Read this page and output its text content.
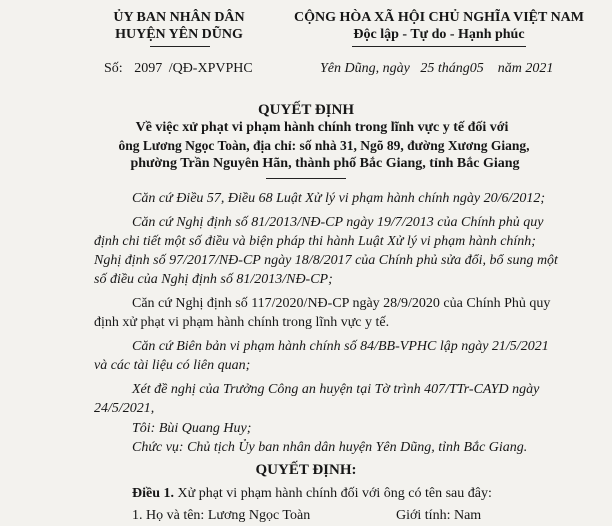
ỦY BAN NHÂN DÂN
HUYỆN YÊN DŨNG
CỘNG HÒA XÃ HỘI CHỦ NGHĨA VIỆT NAM
Độc lập - Tự do - Hạnh phúc
Số: 2097 /QĐ-XPVPHC	Yên Dũng, ngày   25 tháng05    năm 2021
QUYẾT ĐỊNH
Về việc xử phạt vi phạm hành chính trong lĩnh vực y tế đối với
ông Lương Ngọc Toàn, địa chỉ: số nhà 31, Ngõ 89, đường Xương Giang,
phường Trần Nguyên Hãn, thành phố Bắc Giang, tỉnh Bắc Giang
Căn cứ Điều 57, Điều 68 Luật Xử lý vi phạm hành chính ngày 20/6/2012;
Căn cứ Nghị định số 81/2013/NĐ-CP ngày 19/7/2013 của Chính phủ quy
định chi tiết một số điều và biện pháp thi hành Luật Xử lý vi phạm hành chính;
Nghị định số 97/2017/NĐ-CP ngày 18/8/2017 của Chính phủ sửa đổi, bổ sung một
số điều của Nghị định số 81/2013/NĐ-CP;
Căn cứ Nghị định số 117/2020/NĐ-CP ngày 28/9/2020 của Chính Phủ quy
định xử phạt vi phạm hành chính trong lĩnh vực y tế.
Căn cứ Biên bản vi phạm hành chính số 84/BB-VPHC lập ngày 21/5/2021
và các tài liệu có liên quan;
Xét đề nghị của Trưởng Công an huyện tại Tờ trình 407/TTr-CAYD ngày
24/5/2021,
Tôi: Bùi Quang Huy;
Chức vụ: Chủ tịch Ủy ban nhân dân huyện Yên Dũng, tỉnh Bắc Giang.
QUYẾT ĐỊNH:
Điều 1. Xử phạt vi phạm hành chính đối với ông có tên sau đây:
1. Họ và tên: Lương Ngọc Toàn	Giới tính: Nam
